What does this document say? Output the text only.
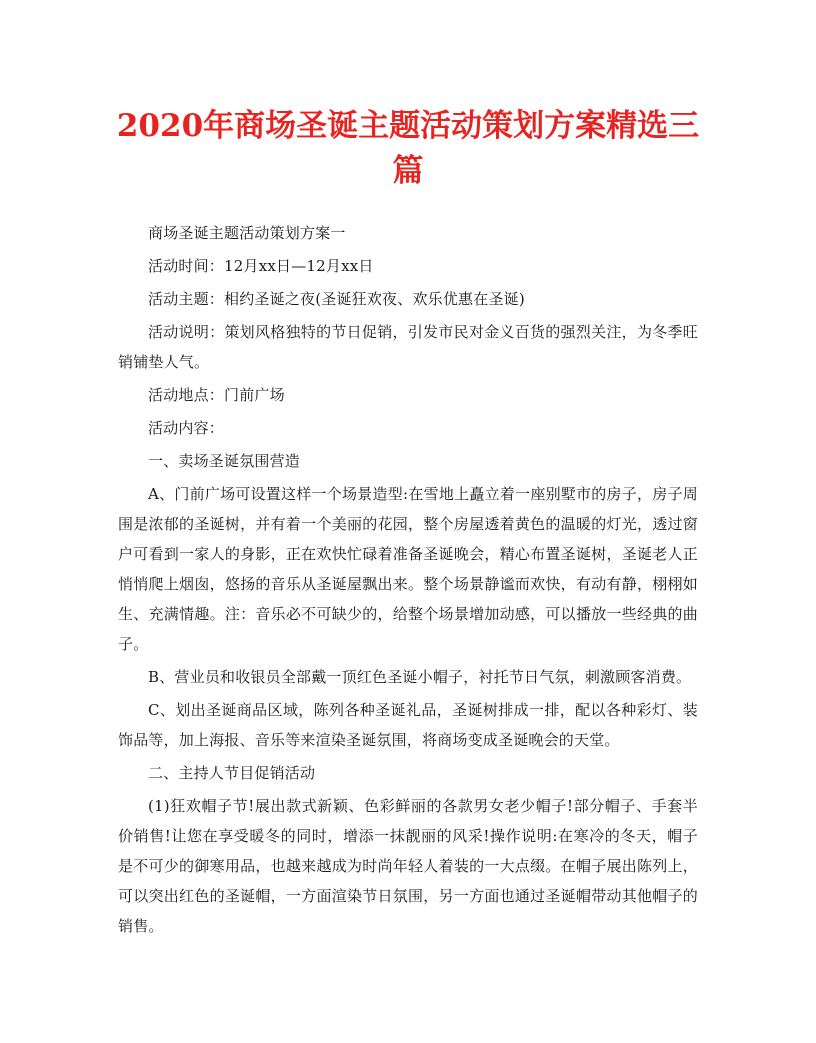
2020年商场圣诞主题活动策划方案精选三篇

商场圣诞主题活动策划方案一

活动时间：12月xx日—12月xx日

活动主题：相约圣诞之夜(圣诞狂欢夜、欢乐优惠在圣诞)

活动说明：策划风格独特的节日促销，引发市民对金义百货的强烈关注，为冬季旺销铺垫人气。

活动地点：门前广场

活动内容：

一、卖场圣诞氛围营造

A、门前广场可设置这样一个场景造型:在雪地上矗立着一座别墅市的房子，房子周围是浓郁的圣诞树，并有着一个美丽的花园，整个房屋透着黄色的温暖的灯光，透过窗户可看到一家人的身影，正在欢快忙碌着准备圣诞晚会，精心布置圣诞树，圣诞老人正悄悄爬上烟囱，悠扬的音乐从圣诞屋飘出来。整个场景静谧而欢快，有动有静，栩栩如生、充满情趣。注：音乐必不可缺少的，给整个场景增加动感，可以播放一些经典的曲子。

B、营业员和收银员全部戴一顶红色圣诞小帽子，衬托节日气氛，刺激顾客消费。

C、划出圣诞商品区域，陈列各种圣诞礼品，圣诞树排成一排，配以各种彩灯、装饰品等，加上海报、音乐等来渲染圣诞氛围，将商场变成圣诞晚会的天堂。

二、主持人节目促销活动

(1)狂欢帽子节!展出款式新颖、色彩鲜丽的各款男女老少帽子!部分帽子、手套半价销售!让您在享受暖冬的同时，增添一抹靓丽的风采!操作说明:在寒冷的冬天，帽子是不可少的御寒用品，也越来越成为时尚年轻人着装的一大点缀。在帽子展出陈列上，可以突出红色的圣诞帽，一方面渲染节日氛围，另一方面也通过圣诞帽带动其他帽子的销售。
